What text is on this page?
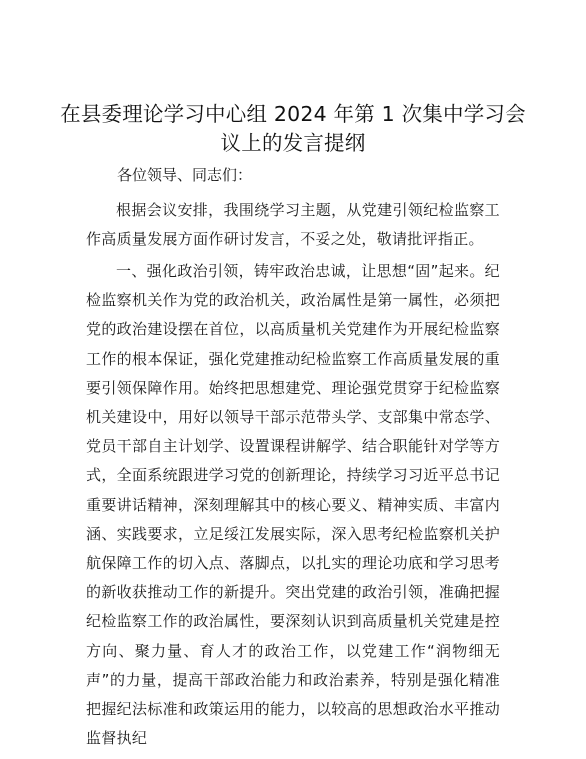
在县委理论学习中心组 2024 年第 1 次集中学习会议上的发言提纲
各位领导、同志们：

根据会议安排，我围绕学习主题，从党建引领纪检监察工作高质量发展方面作研讨发言，不妥之处，敬请批评指正。

一、强化政治引领，铸牢政治忠诚，让思想“固”起来。纪检监察机关作为党的政治机关，政治属性是第一属性，必须把党的政治建设摆在首位，以高质量机关党建作为开展纪检监察工作的根本保证，强化党建推动纪检监察工作高质量发展的重要引领保障作用。始终把思想建党、理论强党贯穿于纪检监察机关建设中，用好以领导干部示范带头学、支部集中常态学、党员干部自主计划学、设置课程讲解学、结合职能针对学等方式，全面系统跟进学习党的创新理论，持续学习习近平总书记重要讲话精神，深刻理解其中的核心要义、精神实质、丰富内涵、实践要求，立足绥江发展实际，深入思考纪检监察机关护航保障工作的切入点、落脚点，以扎实的理论功底和学习思考的新收获推动工作的新提升。突出党建的政治引领，准确把握纪检监察工作的政治属性，要深刻认识到高质量机关党建是控方向、聚力量、育人才的政治工作，以党建工作“润物细无声”的力量，提高干部政治能力和政治素养，特别是强化精准把握纪法标准和政策运用的能力，以较高的思想政治水平推动监督执纪
